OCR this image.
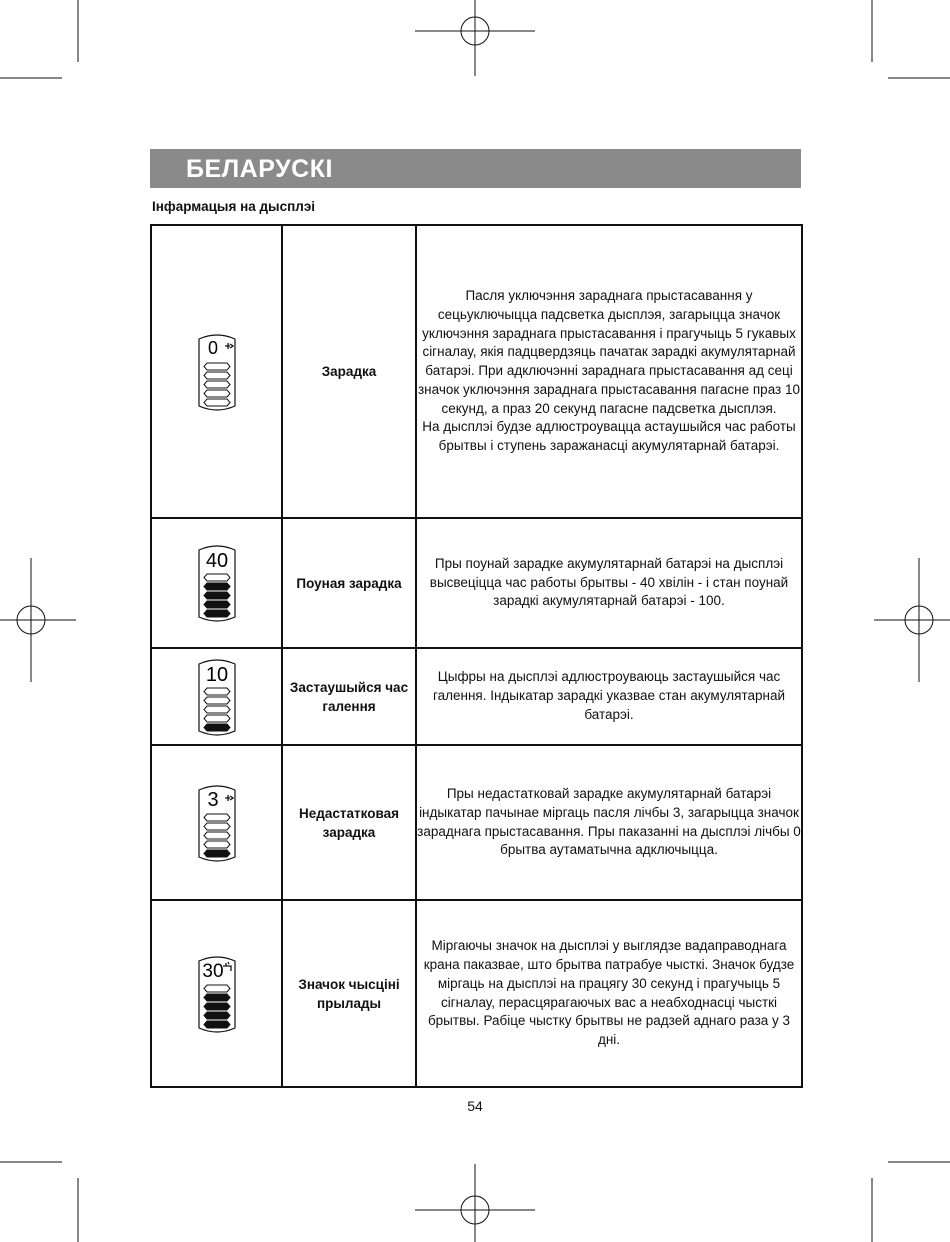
БЕЛАРУСКІ

Інфармацыя на дысплэі

0	Зарадка	Пасля уключэння зараднага прыстасавання у сецьуключыцца падсветка дысплэя, загарыцца значок уключэння зараднага прыстасавання і прагучыць 5 гукавых сігналау, якія падцвердзяць пачатак зарадкі акумулятарнай батарэі. При адключэнні зараднага прыстасавання ад сеці значок уключэння зараднага прыстасавання пагасне праз 10 секунд, а праз 20 секунд пагасне падсветка дысплэя.
На дысплэі будзе адлюстроувацца астаушыйся час работы брытвы і ступень заражанасці акумулятарнай батарэі.

40	Поуная зарадка	Пры поунай зарадке акумулятарнай батарэі на дысплэі высвеціцца час работы брытвы - 40 хвілін - і стан поунай зарадкі акумулятарнай батарэі - 100.

10	Застаушыйся час галення	Цыфры на дысплэі адлюстроуваюць застаушыйся час галення. Індыкатар зарадкі указвае стан акумулятарнай батарэі.

3	Недастатковая зарадка	Пры недастатковай зарадке акумулятарнай батарэі індыкатар пачынае міргаць пасля лічбы 3, загарыцца значок зараднага прыстасавання. Пры паказанні на дысплэі лічбы 0 брытва аутаматычна адключыцца.

30	Значок чысціні прылады	Міргаючы значок на дысплэі у выглядзе вадаправоднага крана паказвае, што брытва патрабуе чысткі. Значок будзе міргаць на дысплэі на працягу 30 секунд і прагучыць 5 сігналау, перасцярагаючых вас а неабходнасці чысткі брытвы. Рабіце чыстку брытвы не радзей аднаго раза у 3 дні.

54
